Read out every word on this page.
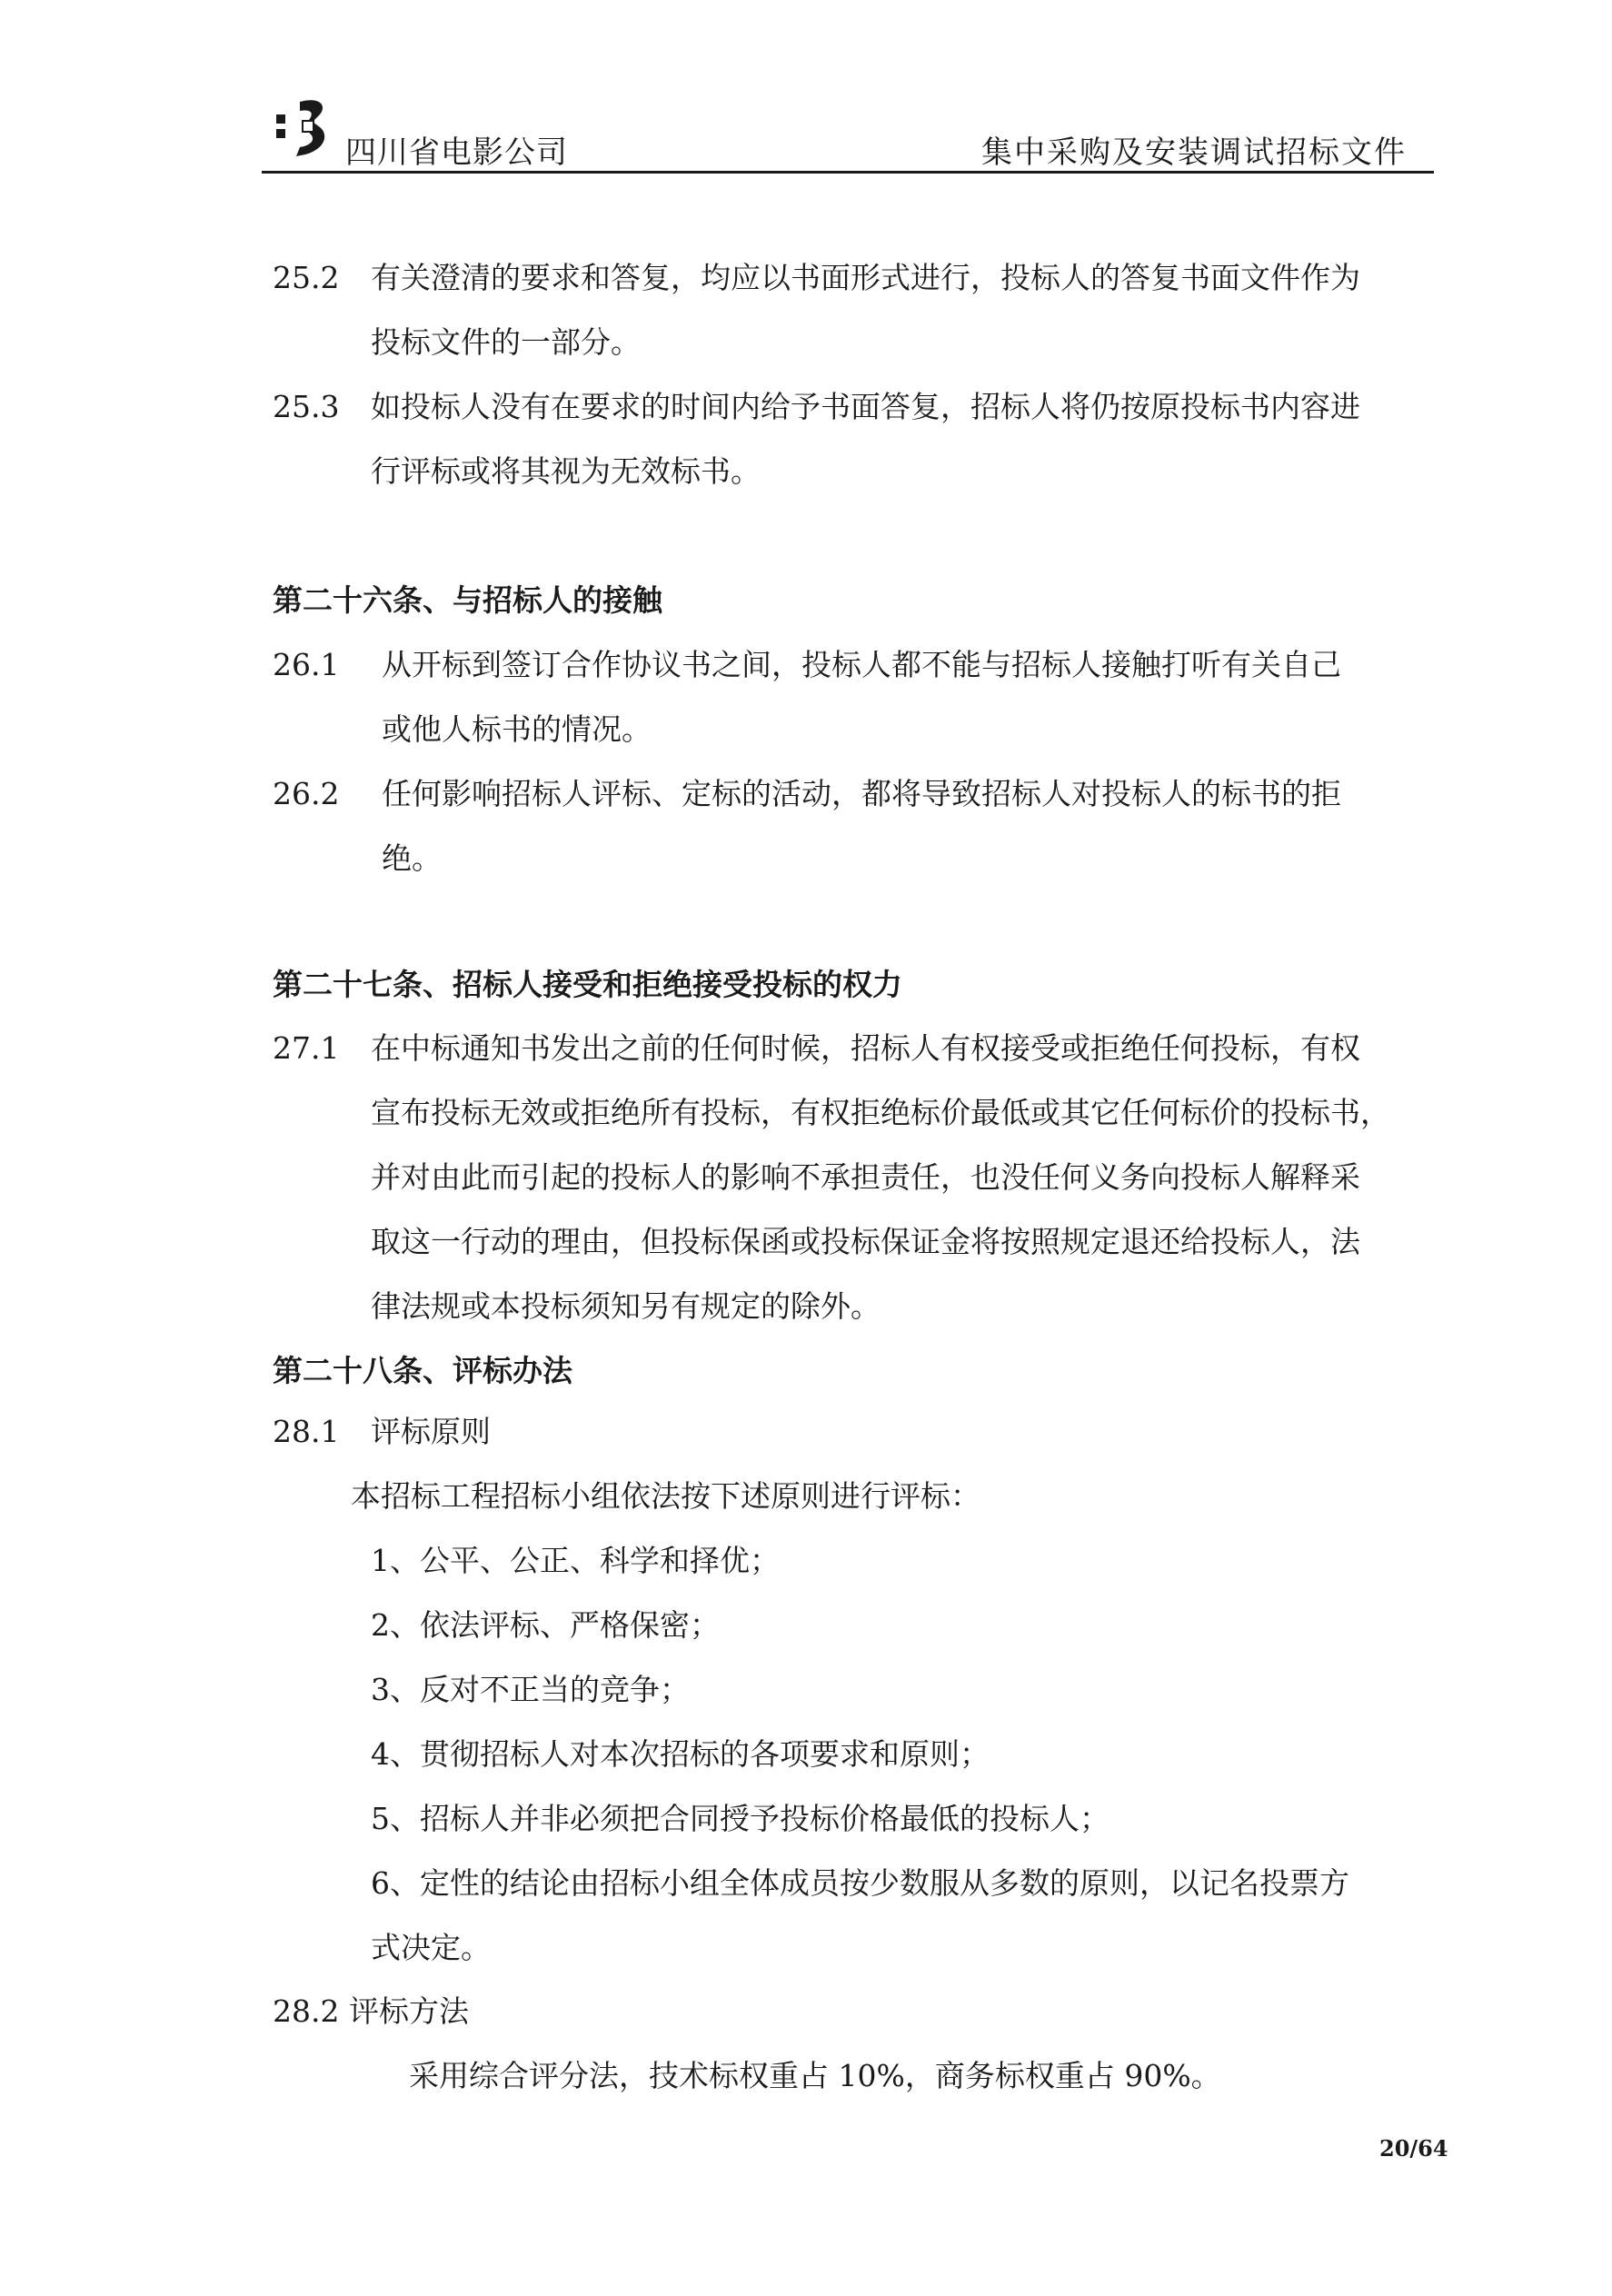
四川省电影公司	集中采购及安装调试招标文件
25.2 有关澄清的要求和答复，均应以书面形式进行，投标人的答复书面文件作为
投标文件的一部分。
25.3 如投标人没有在要求的时间内给予书面答复，招标人将仍按原投标书内容进
行评标或将其视为无效标书。
第二十六条、与招标人的接触
26.1 从开标到签订合作协议书之间，投标人都不能与招标人接触打听有关自己
或他人标书的情况。
26.2 任何影响招标人评标、定标的活动，都将导致招标人对投标人的标书的拒
绝。
第二十七条、招标人接受和拒绝接受投标的权力
27.1 在中标通知书发出之前的任何时候，招标人有权接受或拒绝任何投标，有权
宣布投标无效或拒绝所有投标，有权拒绝标价最低或其它任何标价的投标书，
并对由此而引起的投标人的影响不承担责任，也没任何义务向投标人解释采
取这一行动的理由，但投标保函或投标保证金将按照规定退还给投标人，法
律法规或本投标须知另有规定的除外。
第二十八条、评标办法
28.1 评标原则
本招标工程招标小组依法按下述原则进行评标：
1、公平、公正、科学和择优；
2、依法评标、严格保密；
3、反对不正当的竞争；
4、贯彻招标人对本次招标的各项要求和原则；
5、招标人并非必须把合同授予投标价格最低的投标人；
6、定性的结论由招标小组全体成员按少数服从多数的原则，以记名投票方
式决定。
28.2 评标方法
采用综合评分法，技术标权重占 10%，商务标权重占 90%。
20/64
